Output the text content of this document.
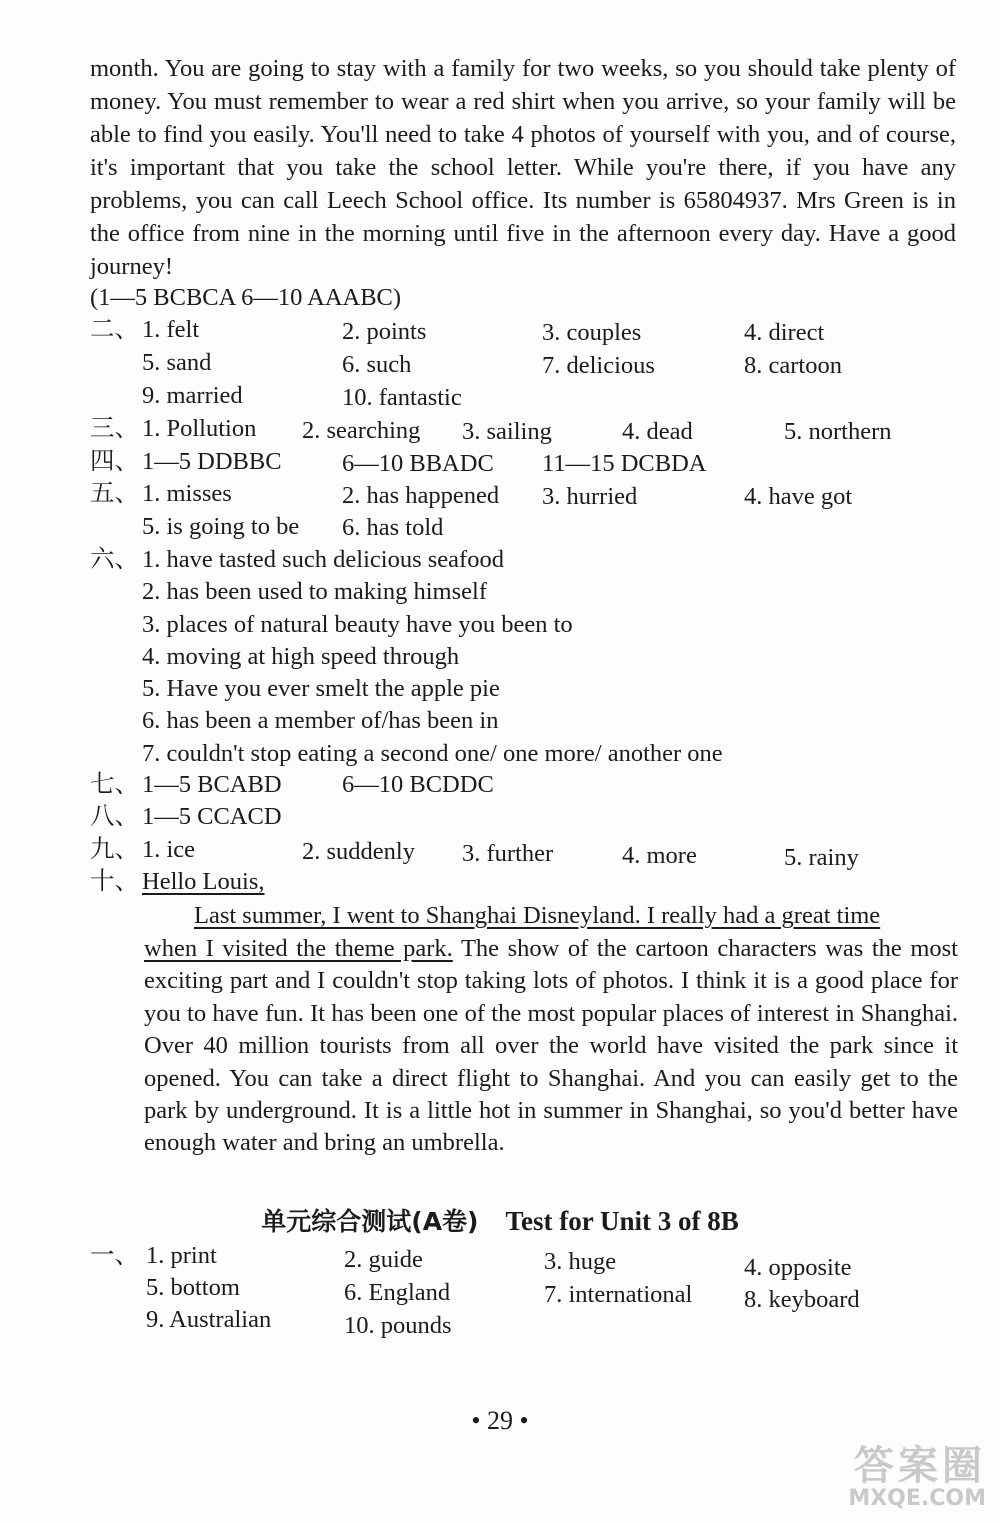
month. You are going to stay with a family for two weeks, so you should take plenty of money. You must remember to wear a red shirt when you arrive, so your family will be able to find you easily. You'll need to take 4 photos of yourself with you, and of course, it's important that you take the school letter. While you're there, if you have any problems, you can call Leech School office. Its number is 65804937. Mrs Green is in the office from nine in the morning until five in the afternoon every day. Have a good journey!
(1—5 BCBCA 6—10 AAABC)
二、 1. felt	2. points	3. couples	4. direct
5. sand	6. such	7. delicious	8. cartoon
9. married	10. fantastic
三、 1. Pollution 2. searching 3. sailing	4. dead	5. northern
四、 1—5 DDBBC 6—10 BBADC 11—15 DCBDA
五、 1. misses	2. has happened 3. hurried	4. have got
5. is going to be 6. has told
六、 1. have tasted such delicious seafood
2. has been used to making himself
3. places of natural beauty have you been to
4. moving at high speed through
5. Have you ever smelt the apple pie
6. has been a member of/has been in
7. couldn't stop eating a second one/ one more/ another one
七、 1—5 BCABD 6—10 BCDDC
八、 1—5 CCACD
九、 1. ice	2. suddenly 3. further	4. more	5. rainy
十、 Hello Louis,
Last summer, I went to Shanghai Disneyland. I really had a great time
when I visited the theme park. The show of the cartoon characters was the most exciting part and I couldn't stop taking lots of photos. I think it is a good place for you to have fun. It has been one of the most popular places of interest in Shanghai. Over 40 million tourists from all over the world have visited the park since it opened. You can take a direct flight to Shanghai. And you can easily get to the park by underground. It is a little hot in summer in Shanghai, so you'd better have enough water and bring an umbrella.
单元综合测试(A卷) Test for Unit 3 of 8B
一、 1. print	2. guide	3. huge	4. opposite
5. bottom	6. England	7. international 8. keyboard
9. Australian	10. pounds
• 29 •
答案圈
MXQE.COM
